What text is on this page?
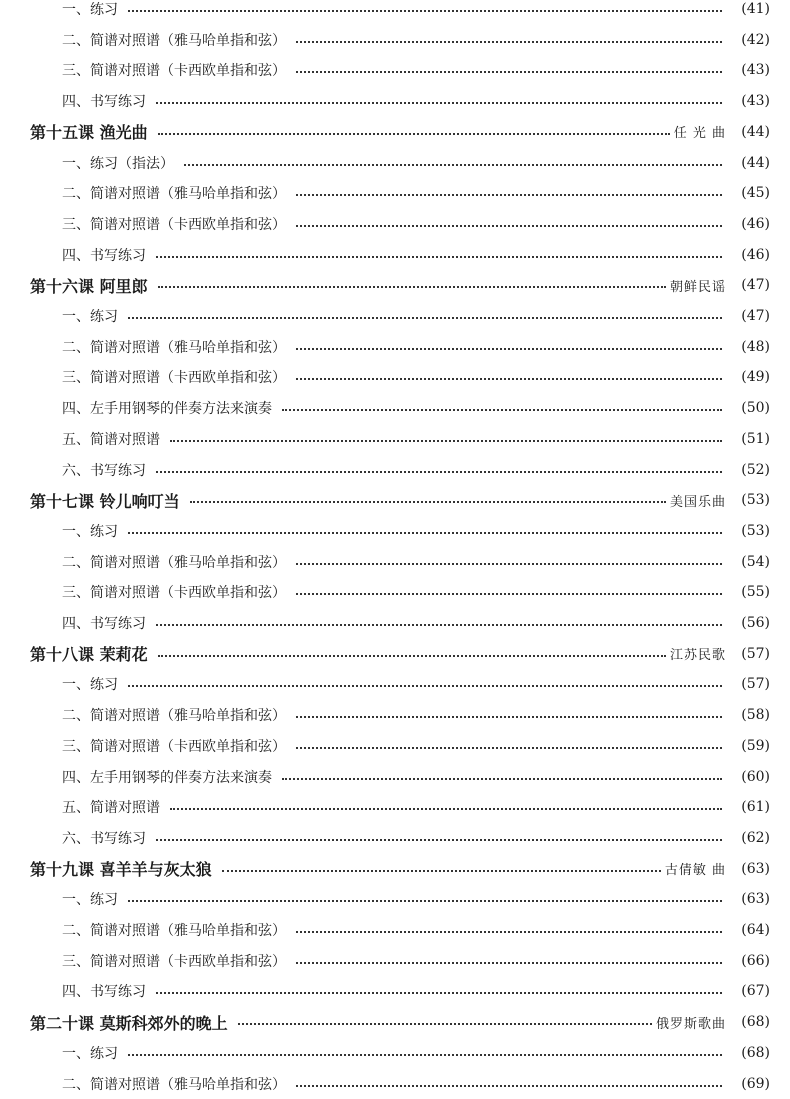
一、练习	(41)
二、简谱对照谱（雅马哈单指和弦）	(42)
三、简谱对照谱（卡西欧单指和弦）	(43)
四、书写练习	(43)
第十五课 渔光曲	任 光 曲	(44)
一、练习（指法）	(44)
二、简谱对照谱（雅马哈单指和弦）	(45)
三、简谱对照谱（卡西欧单指和弦）	(46)
四、书写练习	(46)
第十六课 阿里郎	朝鲜民谣	(47)
一、练习	(47)
二、简谱对照谱（雅马哈单指和弦）	(48)
三、简谱对照谱（卡西欧单指和弦）	(49)
四、左手用钢琴的伴奏方法来演奏	(50)
五、简谱对照谱	(51)
六、书写练习	(52)
第十七课 铃儿响叮当	美国乐曲	(53)
一、练习	(53)
二、简谱对照谱（雅马哈单指和弦）	(54)
三、简谱对照谱（卡西欧单指和弦）	(55)
四、书写练习	(56)
第十八课 茉莉花	江苏民歌	(57)
一、练习	(57)
二、简谱对照谱（雅马哈单指和弦）	(58)
三、简谱对照谱（卡西欧单指和弦）	(59)
四、左手用钢琴的伴奏方法来演奏	(60)
五、简谱对照谱	(61)
六、书写练习	(62)
第十九课 喜羊羊与灰太狼	古倩敏 曲	(63)
一、练习	(63)
二、简谱对照谱（雅马哈单指和弦）	(64)
三、简谱对照谱（卡西欧单指和弦）	(66)
四、书写练习	(67)
第二十课 莫斯科郊外的晚上	俄罗斯歌曲	(68)
一、练习	(68)
二、简谱对照谱（雅马哈单指和弦）	(69)
